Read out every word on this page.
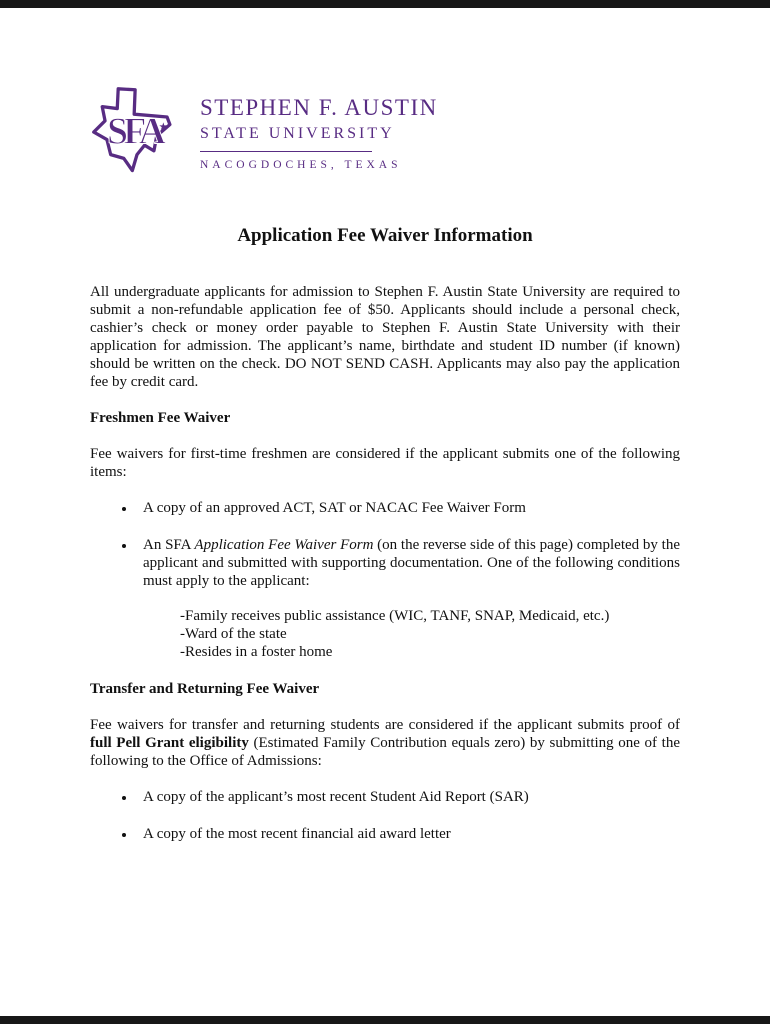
SFA
★
STEPHEN F. AUSTIN
STATE UNIVERSITY
NACOGDOCHES, TEXAS
Application Fee Waiver Information

All undergraduate applicants for admission to Stephen F. Austin State University are required to submit a non-refundable application fee of $50. Applicants should include a personal check, cashier’s check or money order payable to Stephen F. Austin State University with their application for admission. The applicant’s name, birthdate and student ID number (if known) should be written on the check. DO NOT SEND CASH. Applicants may also pay the application fee by credit card.

Freshmen Fee Waiver

Fee waivers for first-time freshmen are considered if the applicant submits one of the following items:

• A copy of an approved ACT, SAT or NACAC Fee Waiver Form
• An SFA Application Fee Waiver Form (on the reverse side of this page) completed by the applicant and submitted with supporting documentation. One of the following conditions must apply to the applicant:
-Family receives public assistance (WIC, TANF, SNAP, Medicaid, etc.)
-Ward of the state
-Resides in a foster home
Transfer and Returning Fee Waiver

Fee waivers for transfer and returning students are considered if the applicant submits proof of full Pell Grant eligibility (Estimated Family Contribution equals zero) by submitting one of the following to the Office of Admissions:

• A copy of the applicant’s most recent Student Aid Report (SAR)
• A copy of the most recent financial aid award letter
